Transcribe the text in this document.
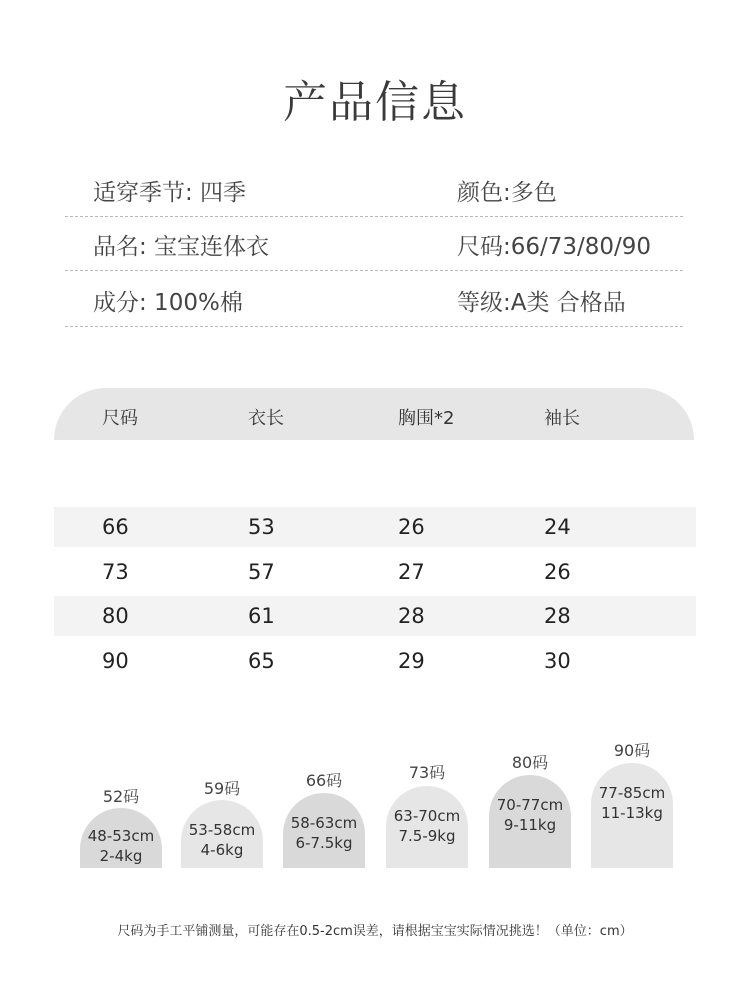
产品信息
适穿季节: 四季	颜色:多色
品名: 宝宝连体衣	尺码:66/73/80/90
成分: 100%棉	等级:A类 合格品
尺码	衣长	胸围*2	袖长
66	53	26	24
73	57	27	26
80	61	28	28
90	65	29	30
52码
48-53cm
2-4kg
59码
53-58cm
4-6kg
66码
58-63cm
6-7.5kg
73码
63-70cm
7.5-9kg
80码
70-77cm
9-11kg
90码
77-85cm
11-13kg
尺码为手工平铺测量，可能存在0.5-2cm误差，请根据宝宝实际情况挑选！（单位：cm）
